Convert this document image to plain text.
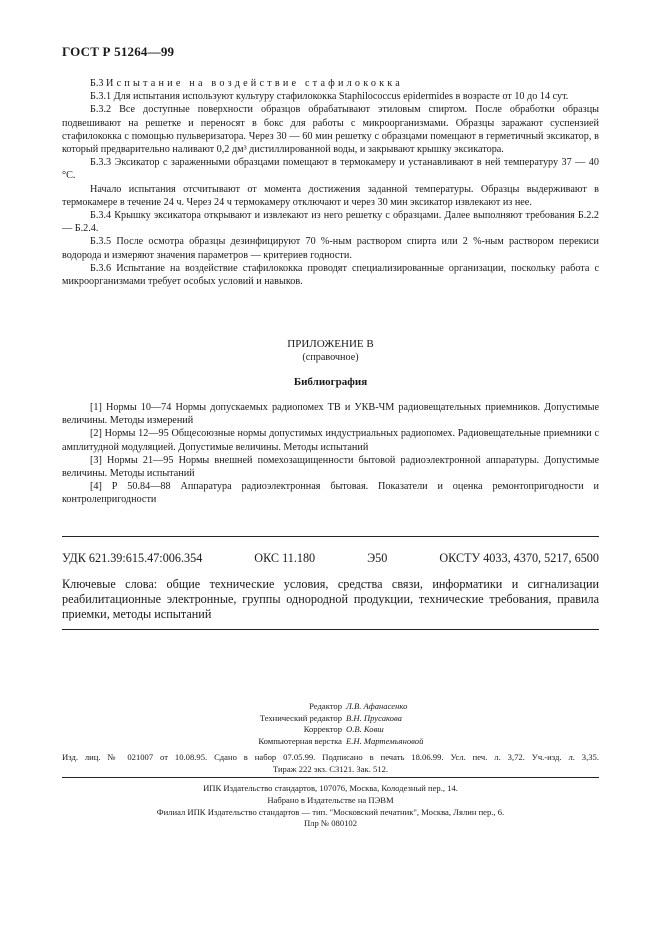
ГОСТ Р 51264—99

Б.3 Испытание на воздействие стафилококка

Б.3.1 Для испытания используют культуру стафилококка Staphilococcus epidermides в возрасте от 10 до 14 сут.

Б.3.2 Все доступные поверхности образцов обрабатывают этиловым спиртом. После обработки образцы подвешивают на решетке и переносят в бокс для работы с микроорганизмами. Образцы заражают суспензией стафилококка с помощью пульверизатора. Через 30 — 60 мин решетку с образцами помещают в герметичный эксикатор, в который предварительно наливают 0,2 дм³ дистиллированной воды, и закрывают крышку эксикатора.

Б.3.3 Эксикатор с зараженными образцами помещают в термокамеру и устанавливают в ней температуру 37 — 40 °С.

Начало испытания отсчитывают от момента достижения заданной температуры. Образцы выдерживают в термокамере в течение 24 ч. Через 24 ч термокамеру отключают и через 30 мин эксикатор извлекают из нее.

Б.3.4 Крышку эксикатора открывают и извлекают из него решетку с образцами. Далее выполняют требования Б.2.2 — Б.2.4.

Б.3.5 После осмотра образцы дезинфицируют 70 %-ным раствором спирта или 2 %-ным раствором перекиси водорода и измеряют значения параметров — критериев годности.

Б.3.6 Испытание на воздействие стафилококка проводят специализированные организации, поскольку работа с микроорганизмами требует особых условий и навыков.

ПРИЛОЖЕНИЕ В
(справочное)
Библиография

[1] Нормы 10—74 Нормы допускаемых радиопомех ТВ и УКВ-ЧМ радиовещательных приемников. Допустимые величины. Методы измерений

[2] Нормы 12—95 Общесоюзные нормы допустимых индустриальных радиопомех. Радиовещательные приемники с амплитудной модуляцией. Допустимые величины. Методы испытаний

[3] Нормы 21—95 Нормы внешней помехозащищенности бытовой радиоэлектронной аппаратуры. Допустимые величины. Методы испытаний

[4] Р 50.84—88 Аппаратура радиоэлектронная бытовая. Показатели и оценка ремонтопригодности и контролепригодности

УДК 621.39:615.47:006.354	ОКС 11.180	Э50	ОКСТУ 4033, 4370, 5217, 6500
Ключевые слова: общие технические условия, средства связи, информатики и сигнализации реабилитационные электронные, группы однородной продукции, технические требования, правила приемки, методы испытаний
Редактор Л.В. Афанасенко
Технический редактор В.Н. Прусакова
Корректор О.В. Ковш
Компьютерная верстка Е.Н. Мартемьяновой
Изд. лиц. № 021007 от 10.08.95. Сдано в набор 07.05.99. Подписано в печать 18.06.99. Усл. печ. л. 3,72. Уч.-изд. л. 3,35.
Тираж 222 экз. С3121. Зак. 512.
ИПК Издательство стандартов, 107076, Москва, Колодезный пер., 14.
Набрано в Издательстве на ПЭВМ
Филиал ИПК Издательство стандартов — тип. "Московский печатник", Москва, Лялин пер., 6.
Плр № 080102
